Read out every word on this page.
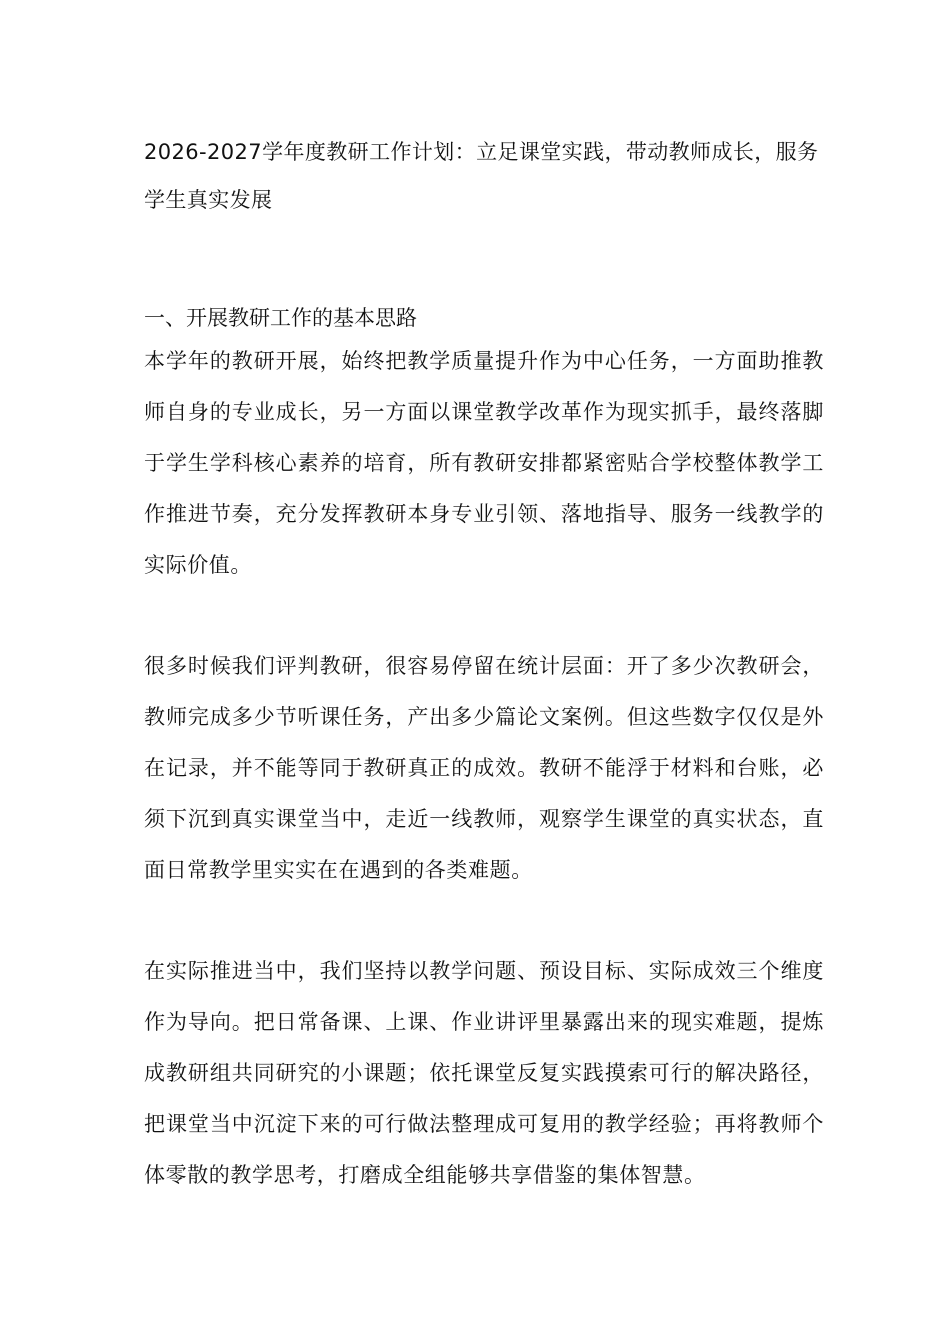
2026-2027学年度教研工作计划：立足课堂实践，带动教师成长，服务学生真实发展
一、开展教研工作的基本思路

本学年的教研开展，始终把教学质量提升作为中心任务，一方面助推教师自身的专业成长，另一方面以课堂教学改革作为现实抓手，最终落脚于学生学科核心素养的培育，所有教研安排都紧密贴合学校整体教学工作推进节奏，充分发挥教研本身专业引领、落地指导、服务一线教学的实际价值。

很多时候我们评判教研，很容易停留在统计层面：开了多少次教研会，教师完成多少节听课任务，产出多少篇论文案例。但这些数字仅仅是外在记录，并不能等同于教研真正的成效。教研不能浮于材料和台账，必须下沉到真实课堂当中，走近一线教师，观察学生课堂的真实状态，直面日常教学里实实在在遇到的各类难题。

在实际推进当中，我们坚持以教学问题、预设目标、实际成效三个维度作为导向。把日常备课、上课、作业讲评里暴露出来的现实难题，提炼成教研组共同研究的小课题；依托课堂反复实践摸索可行的解决路径，把课堂当中沉淀下来的可行做法整理成可复用的教学经验；再将教师个体零散的教学思考，打磨成全组能够共享借鉴的集体智慧。
